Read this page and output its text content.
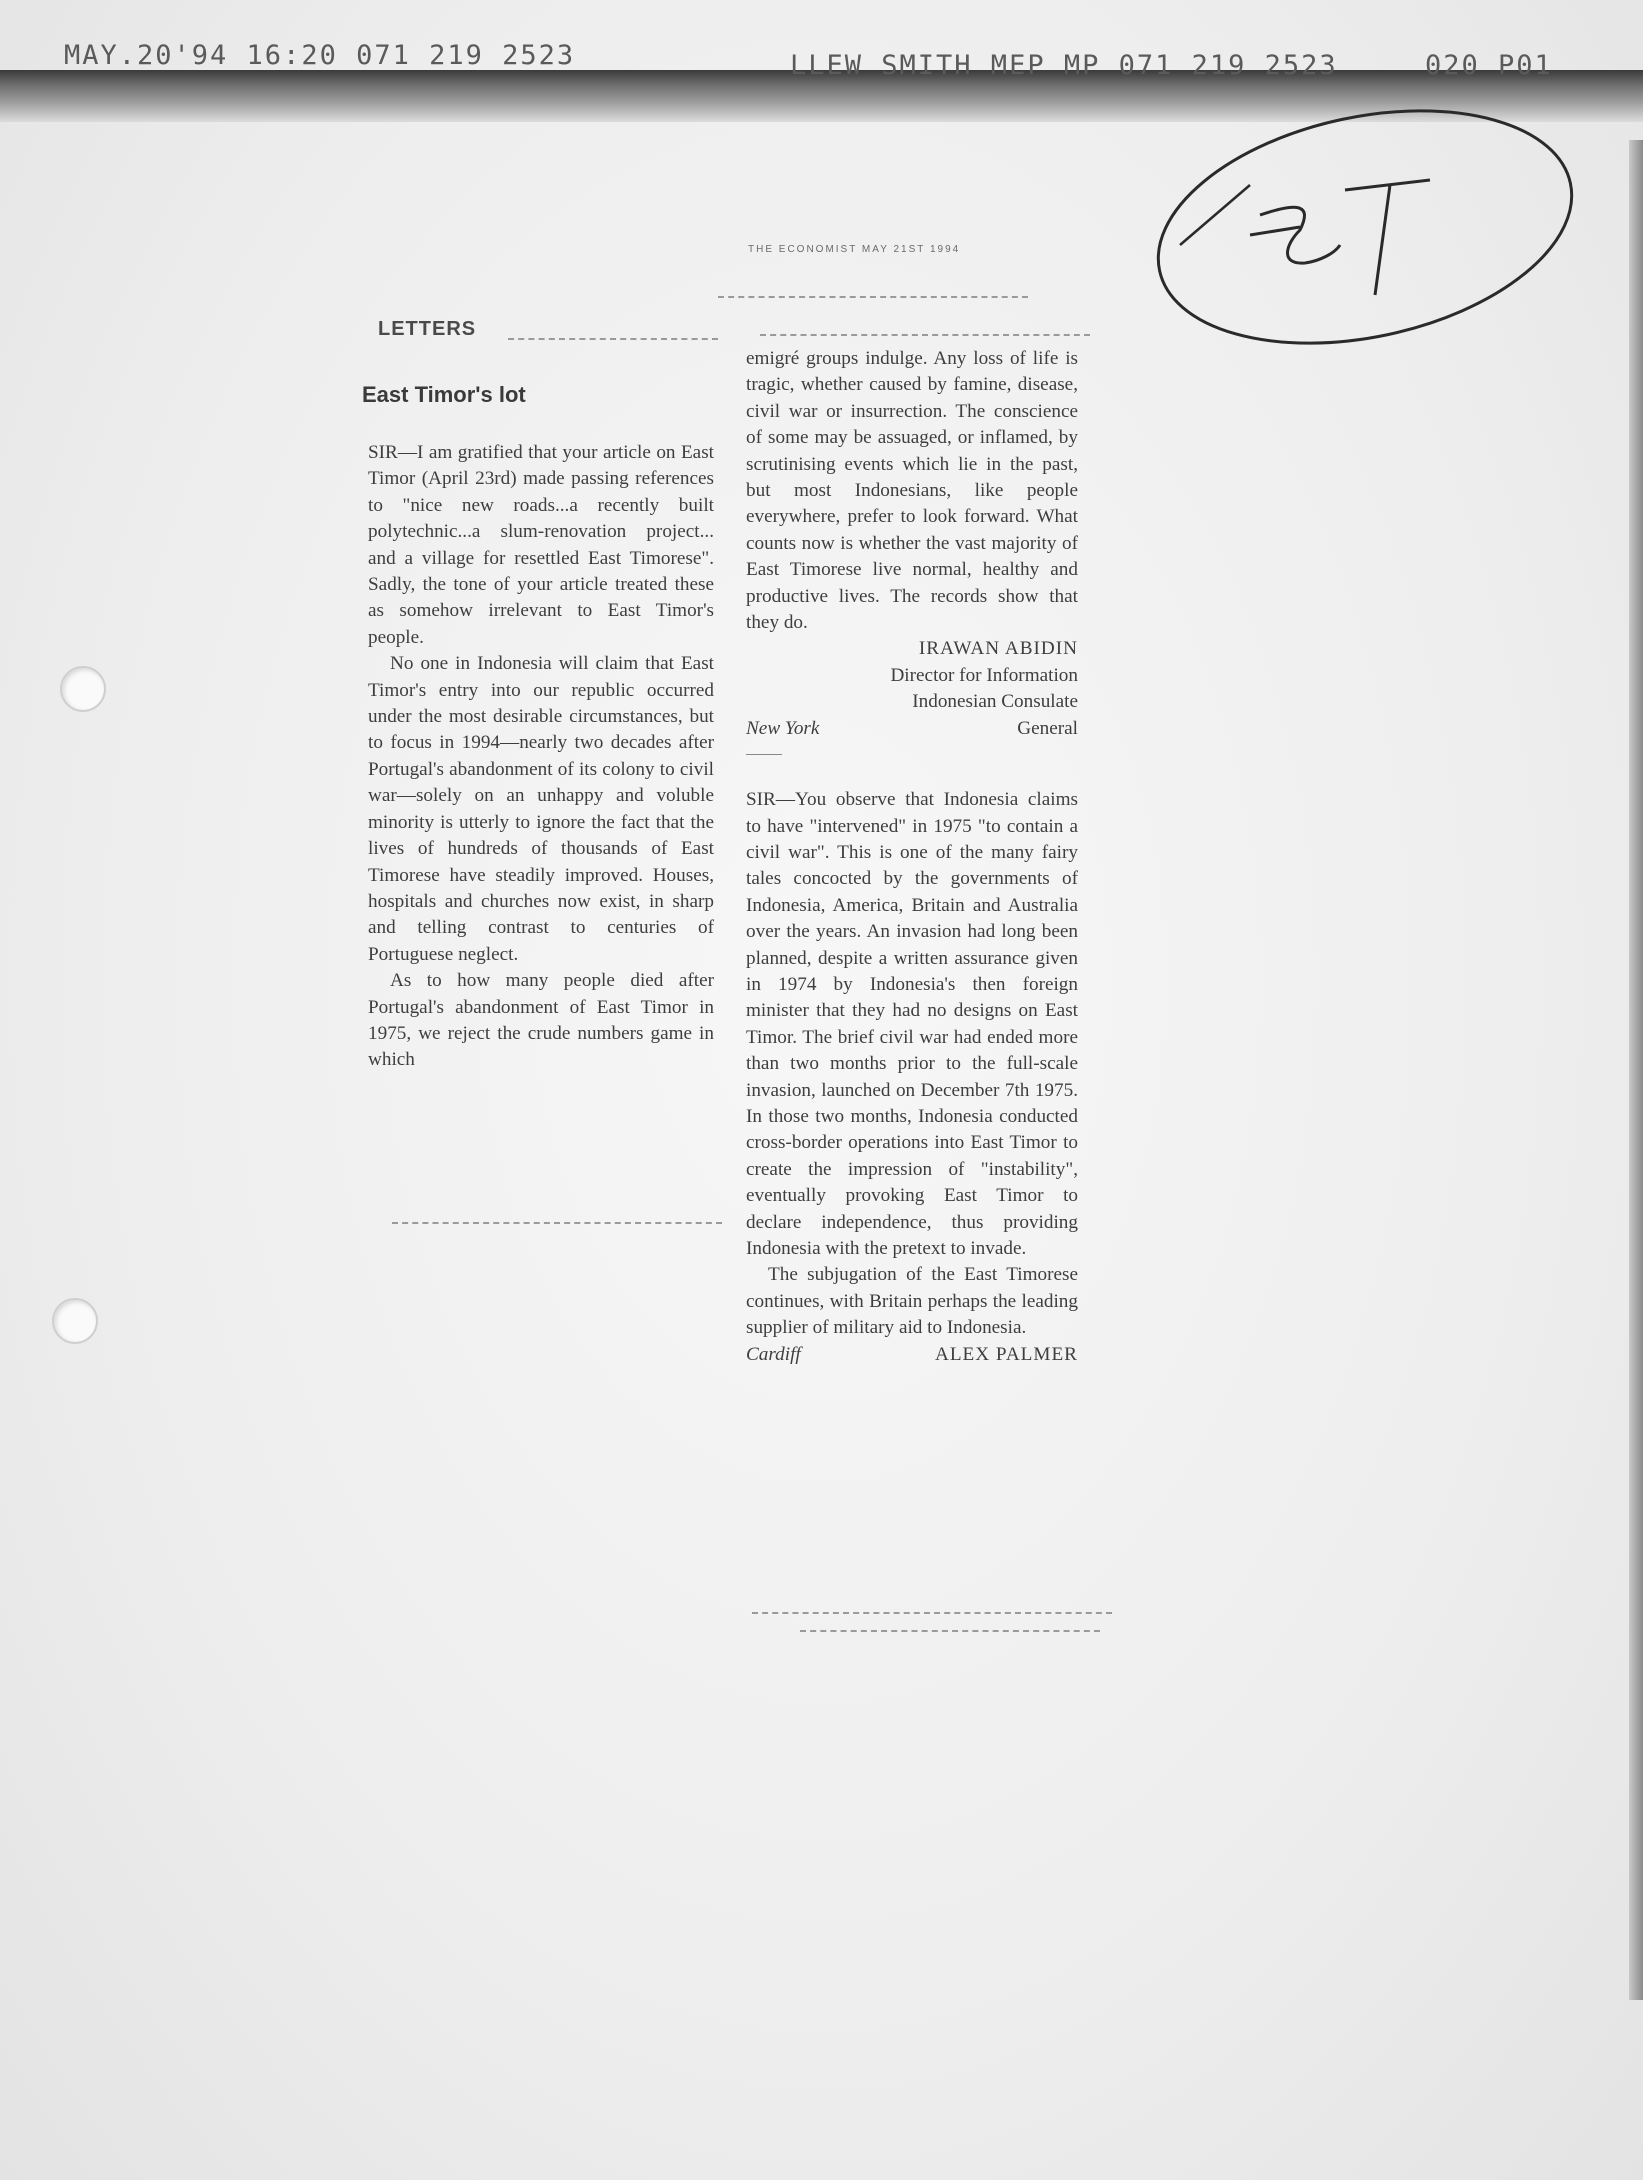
MAY.20'94 16:20 071 219 2523

	LLEW SMITH MEP MP 071 219 2523

	020 P01

THE ECONOMIST MAY 21ST 1994
LETTERS
East Timor's lot

SIR—I am gratified that your article on East Timor (April 23rd) made passing references to "nice new roads...a recently built polytechnic...a slum-renovation project... and a village for resettled East Timorese". Sadly, the tone of your article treated these as somehow irrelevant to East Timor's people.

No one in Indonesia will claim that East Timor's entry into our republic occurred under the most desirable circumstances, but to focus in 1994—nearly two decades after Portugal's abandonment of its colony to civil war—solely on an unhappy and voluble minority is utterly to ignore the fact that the lives of hundreds of thousands of East Timorese have steadily improved. Houses, hospitals and churches now exist, in sharp and telling contrast to centuries of Portuguese neglect.

As to how many people died after Portugal's abandonment of East Timor in 1975, we reject the crude numbers game in which

emigré groups indulge. Any loss of life is tragic, whether caused by famine, disease, civil war or insurrection. The conscience of some may be assuaged, or inflamed, by scrutinising events which lie in the past, but most Indonesians, like people everywhere, prefer to look forward. What counts now is whether the vast majority of East Timorese live normal, healthy and productive lives. The records show that they do.

IRAWAN ABIDIN

Director for Information

Indonesian Consulate

New York	General

SIR—You observe that Indonesia claims to have "intervened" in 1975 "to contain a civil war". This is one of the many fairy tales concocted by the governments of Indonesia, America, Britain and Australia over the years. An invasion had long been planned, despite a written assurance given in 1974 by Indonesia's then foreign minister that they had no designs on East Timor. The brief civil war had ended more than two months prior to the full-scale invasion, launched on December 7th 1975. In those two months, Indonesia conducted cross-border operations into East Timor to create the impression of "instability", eventually provoking East Timor to declare independence, thus providing Indonesia with the pretext to invade.

The subjugation of the East Timorese continues, with Britain perhaps the leading supplier of military aid to Indonesia.

Cardiff	ALEX PALMER
